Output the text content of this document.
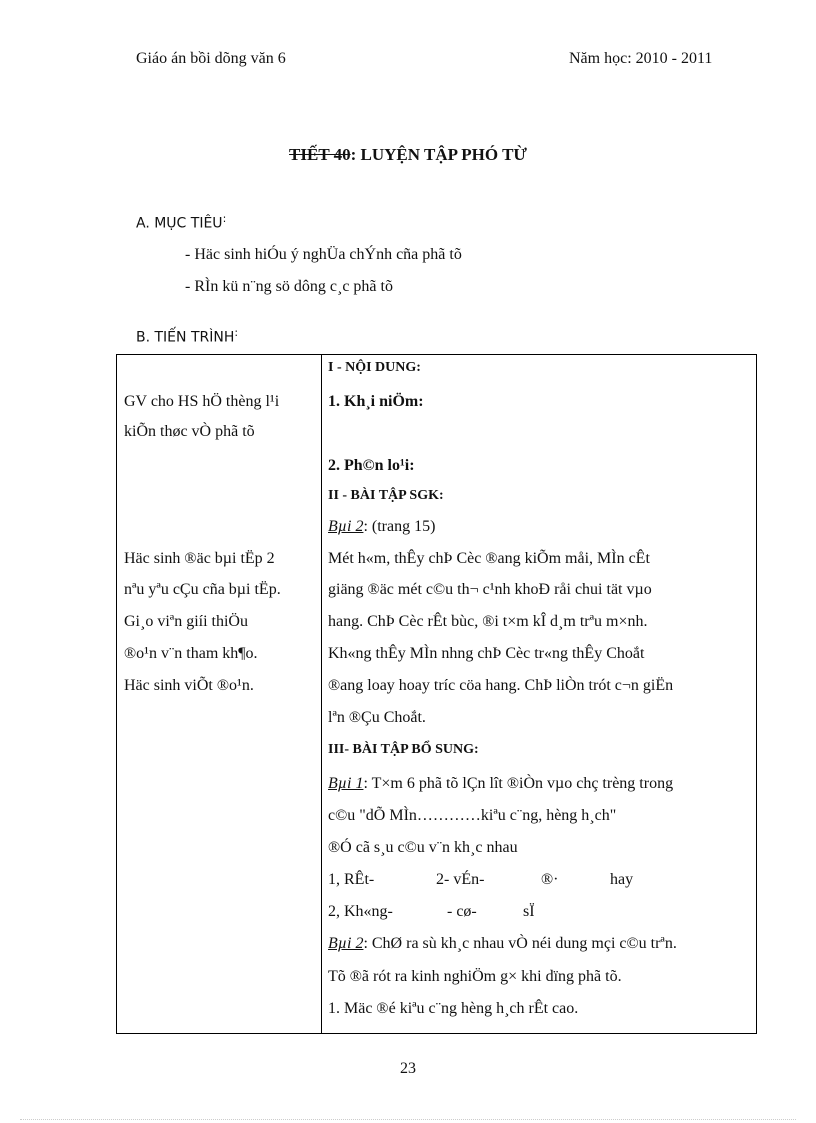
Giáo án bồi dõng văn 6	Năm học: 2010 - 2011
TIẾT 40: LUYỆN TẬP PHÓ TỪ
A. MỤC TIÊU:
- Häc sinh hiÓu ý nghÜa chÝnh cña phã tõ
- RÌn kü n¨ng sö dông c¸c phã tõ
B. TIẾN TRÌNH:
GV cho HS hÖ thèng l¹i
kiÕn thøc vÒ phã tõ
Häc sinh ®äc bµi tËp 2
nªu yªu cÇu cña bµi tËp.
Gi¸o viªn giíi thiÖu
®o¹n v¨n tham kh¶o.
Häc sinh viÕt ®o¹n.
I - NỘI DUNG:
1. Kh¸i niÖm:
2. Ph©n lo¹i:
II - BÀI TẬP SGK:
Bµi 2: (trang 15)
Mét h«m, thÊy chÞ Cèc ®ang kiÕm måi, MÌn cÊt
giäng ®äc mét c©u th¬ c¹nh khoÐ råi chui tät vµo
hang. ChÞ Cèc rÊt bùc, ®i t×m kÎ d¸m trªu m×nh.
Kh«ng thÊy MÌn nhng chÞ Cèc tr«ng thÊy Choắt
®ang loay hoay tríc cöa hang. ChÞ liÒn trót c¬n giËn
lªn ®Çu Choắt.
III- BÀI TẬP BỔ SUNG:
Bµi 1: T×m 6 phã tõ lÇn lît ®iÒn vµo chç trèng trong
c©u "dÕ MÌn…………kiªu c¨ng, hèng h¸ch"
®Ó cã s¸u c©u v¨n kh¸c nhau
1, RÊt-	2- vÉn-	®·	hay
2, Kh«ng-	- cø-	sÏ
Bµi 2: ChØ ra sù kh¸c nhau vÒ néi dung mçi c©u trªn.
Tõ ®ã rót ra kinh nghiÖm g× khi dïng phã tõ.
1. Mäc ®é kiªu c¨ng hèng h¸ch rÊt cao.
23
